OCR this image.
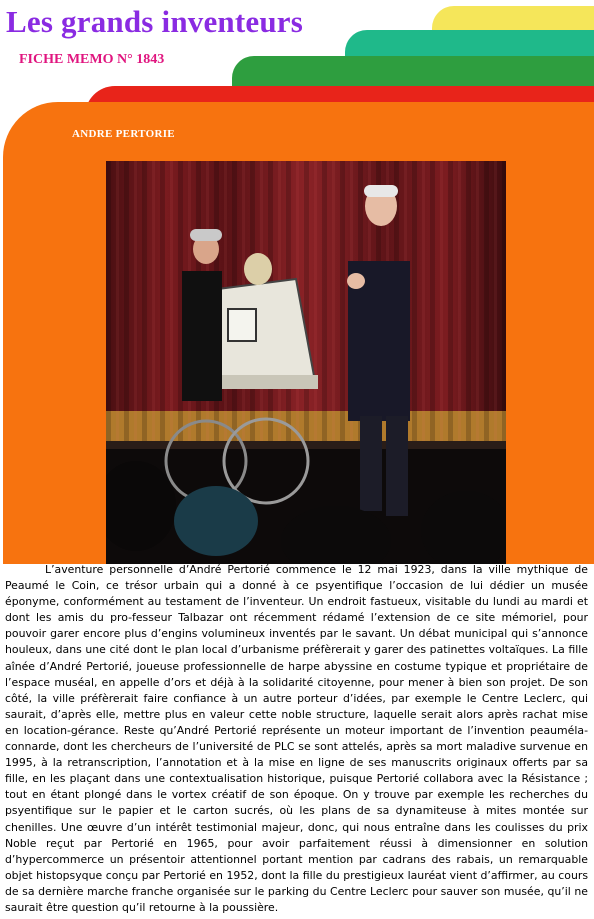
Les grands inventeurs
FICHE MEMO N° 1843
ANDRE PERTORIE

L’aventure personnelle d’André Pertorié commence le 12 mai 1923, dans la ville mythique de Peaumé le Coin, ce trésor urbain qui a donné à ce psyentifique l’occasion de lui dédier un musée éponyme, conformément au testament de l’inventeur. Un endroit fastueux, visitable du lundi au mardi et dont les amis du pro-fesseur Talbazar ont récemment rédamé l’extension de ce site mémoriel, pour pouvoir garer encore plus d’engins volumineux inventés par le savant. Un débat municipal qui s’annonce houleux, dans une cité dont le plan local d’urbanisme préfèrerait y garer des patinettes voltaïques. La fille aînée d’André Pertorié, joueuse professionnelle de harpe abyssine en costume typique et propriétaire de l’espace muséal, en appelle d’ors et déjà à la solidarité citoyenne, pour mener à bien son projet. De son côté, la ville préfèrerait faire confiance à un autre porteur d’idées, par exemple le Centre Leclerc, qui saurait, d’après elle, mettre plus en valeur cette noble structure, laquelle serait alors après rachat mise en location-gérance. Reste qu’André Pertorié représente un moteur important de l’invention peaumélaconnarde, dont les chercheurs de l’université de PLC se sont attelés, après sa mort maladive survenue en 1995, à la retranscription, l’annotation et à la mise en ligne de ses manuscrits originaux offerts par sa fille, en les plaçant dans une contextualisation historique, puisque Pertorié collabora avec la Résistance ; tout en étant plongé dans le vortex créatif de son époque. On y trouve par exemple les recherches du psyentifique sur le papier et le carton sucrés, où les plans de sa dynamiteuse à mites montée sur chenilles. Une œuvre d’un intérêt testimonial majeur, donc, qui nous entraîne dans les coulisses du prix Noble reçut par Pertorié en 1965, pour avoir parfaitement réussi à dimensionner en solution d’hypercommerce un présentoir attentionnel portant mention par cadrans des rabais, un remarquable objet histopsyque conçu par Pertorié en 1952, dont la fille du prestigieux lauréat vient d’affirmer, au cours de sa dernière marche franche organisée sur le parking du Centre Leclerc pour sauver son musée, qu’il ne saurait être question qu’il retourne à la poussière.
